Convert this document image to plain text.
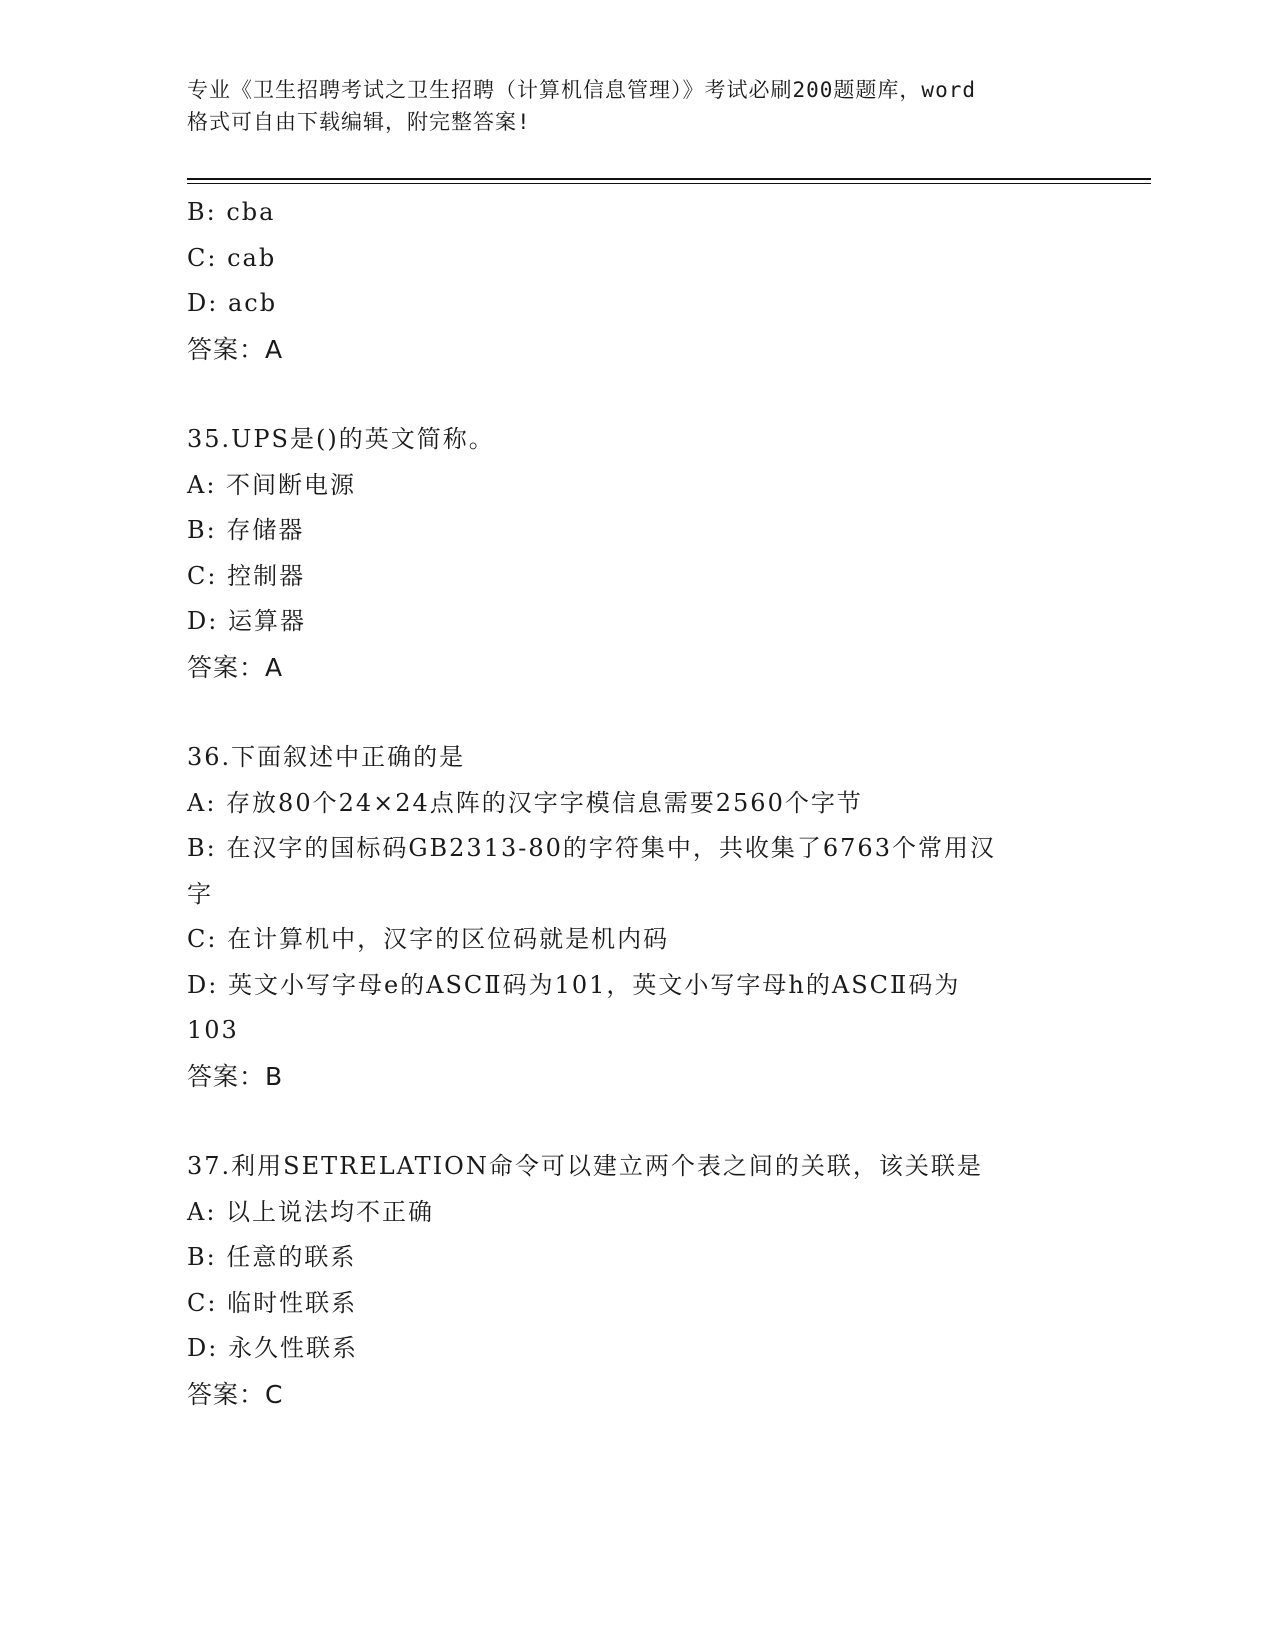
专业《卫生招聘考试之卫生招聘（计算机信息管理）》考试必刷200题题库，word
格式可自由下载编辑，附完整答案!
B: cba
C: cab
D: acb
答案：A
35.UPS是()的英文简称。
A: 不间断电源
B: 存储器
C: 控制器
D: 运算器
答案：A
36.下面叙述中正确的是
A: 存放80个24×24点阵的汉字字模信息需要2560个字节
B: 在汉字的国标码GB2313-80的字符集中，共收集了6763个常用汉
字
C: 在计算机中，汉字的区位码就是机内码
D: 英文小写字母e的ASCⅡ码为101，英文小写字母h的ASCⅡ码为
103
答案：B
37.利用SETRELATION命令可以建立两个表之间的关联，该关联是
A: 以上说法均不正确
B: 任意的联系
C: 临时性联系
D: 永久性联系
答案：C
